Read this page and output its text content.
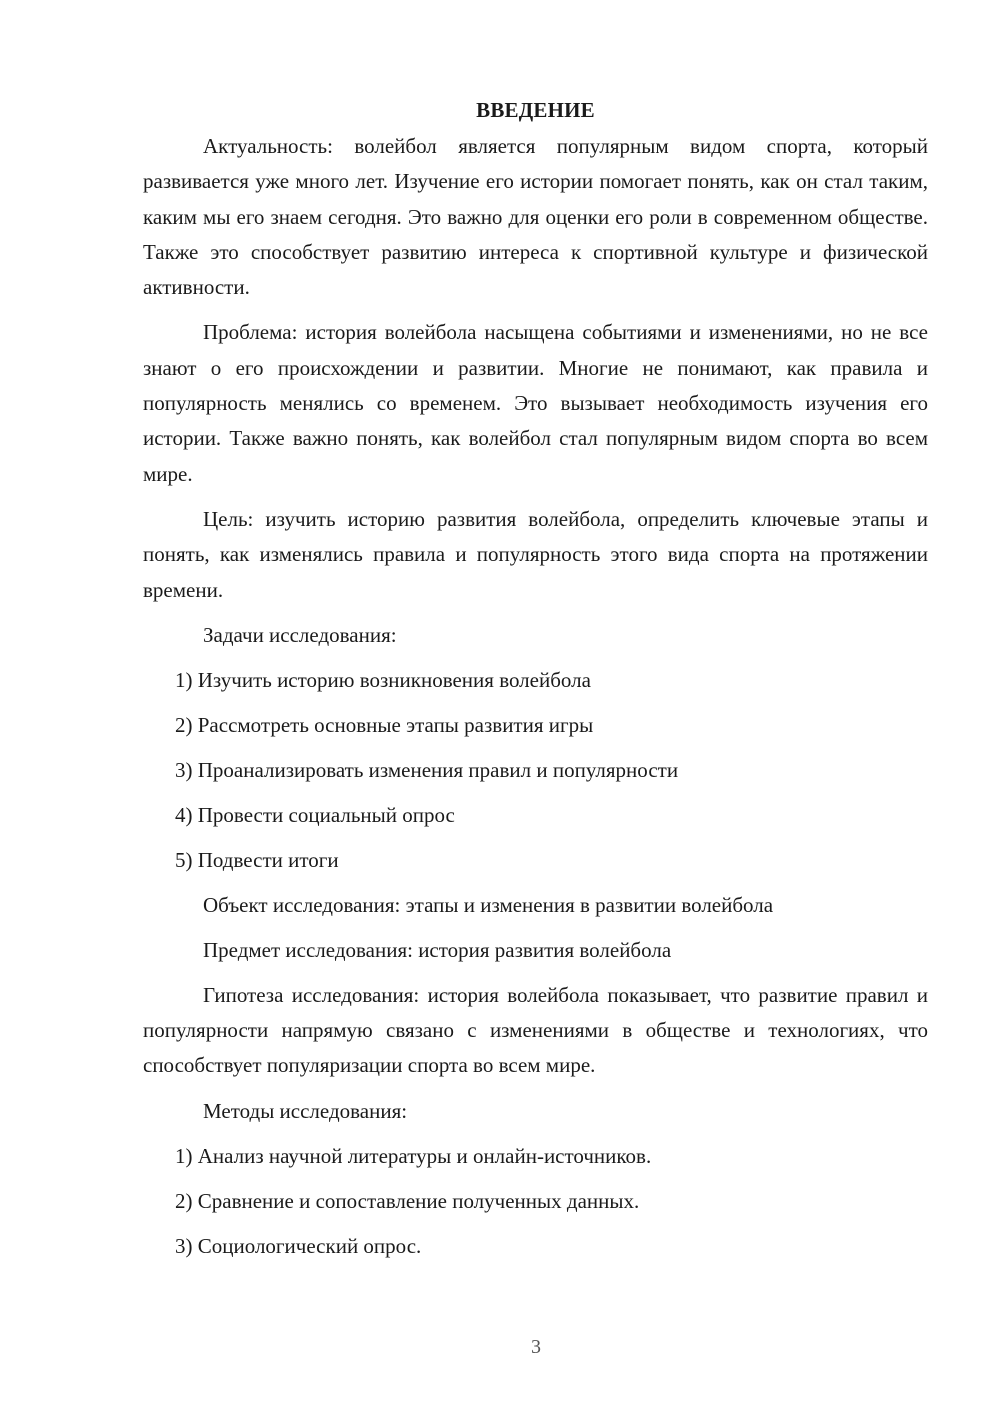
ВВЕДЕНИЕ

Актуальность: волейбол является популярным видом спорта, который развивается уже много лет. Изучение его истории помогает понять, как он стал таким, каким мы его знаем сегодня. Это важно для оценки его роли в современном обществе. Также это способствует развитию интереса к спортивной культуре и физической активности.

Проблема: история волейбола насыщена событиями и изменениями, но не все знают о его происхождении и развитии. Многие не понимают, как правила и популярность менялись со временем. Это вызывает необходимость изучения его истории. Также важно понять, как волейбол стал популярным видом спорта во всем мире.

Цель: изучить историю развития волейбола, определить ключевые этапы и понять, как изменялись правила и популярность этого вида спорта на протяжении времени.

Задачи исследования:
1) Изучить историю возникновения волейбола
2) Рассмотреть основные этапы развития игры
3) Проанализировать изменения правил и популярности
4) Провести социальный опрос
5) Подвести итоги
Объект исследования: этапы и изменения в развитии волейбола
Предмет исследования: история развития волейбола

Гипотеза исследования: история волейбола показывает, что развитие правил и популярности напрямую связано с изменениями в обществе и технологиях, что способствует популяризации спорта во всем мире.

Методы исследования:
1) Анализ научной литературы и онлайн-источников.
2) Сравнение и сопоставление полученных данных.
3) Социологический опрос.
3
